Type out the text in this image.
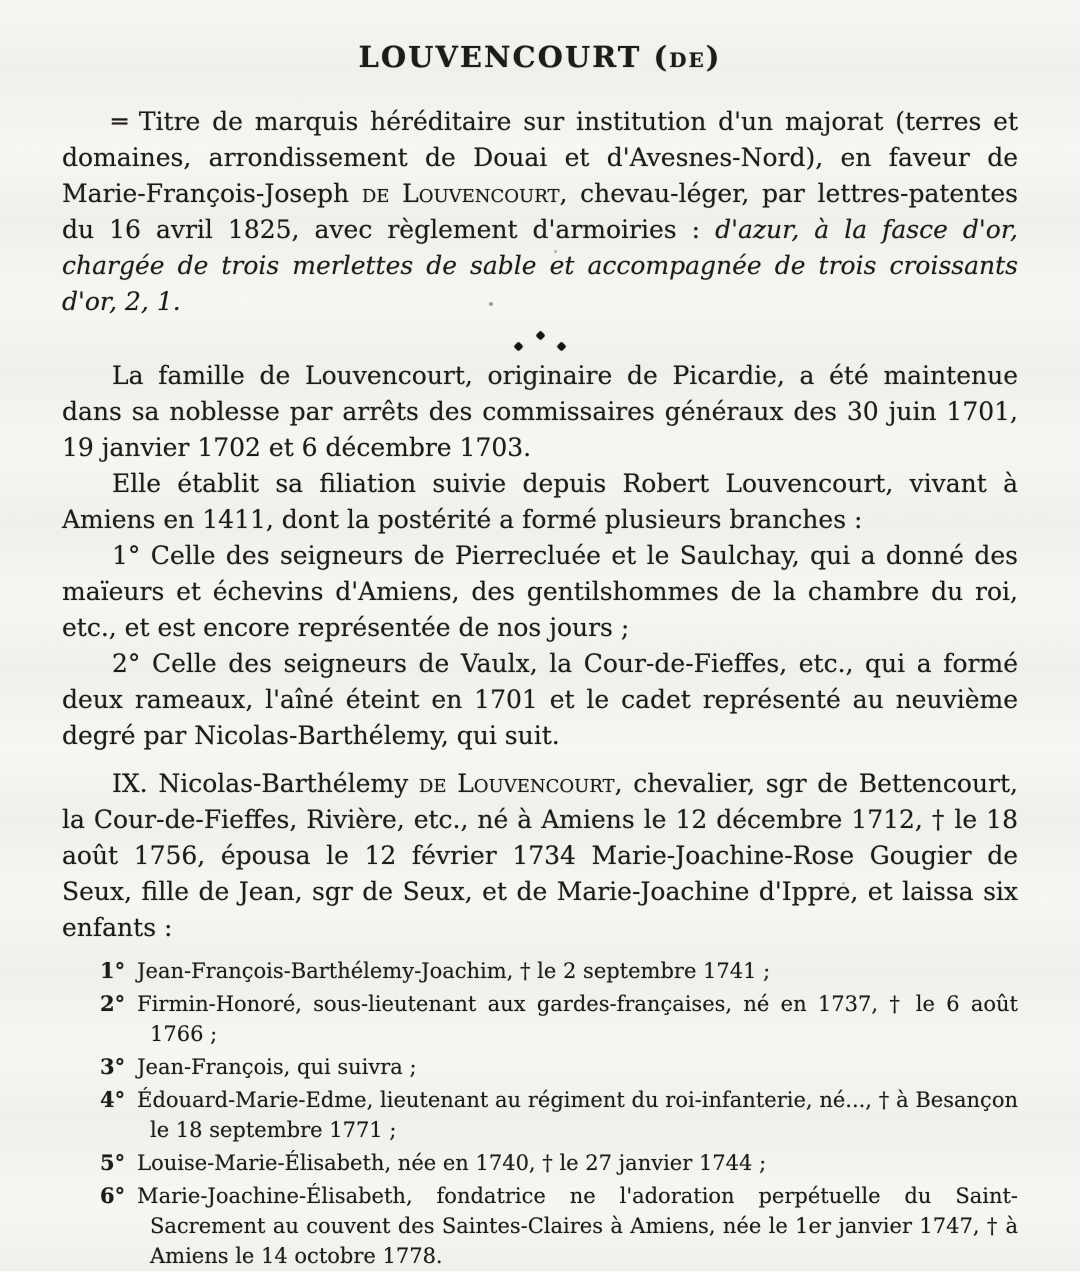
LOUVENCOURT (de)

═ Titre de marquis héréditaire sur institution d'un majorat (terres et domaines, arrondissement de Douai et d'Avesnes-Nord), en faveur de Marie-François-Joseph de Louvencourt, chevau-léger, par lettres-patentes du 16 avril 1825, avec règlement d'armoiries : d'azur, à la fasce d'or, chargée de trois merlettes de sable et accompagnée de trois croissants d'or, 2, 1.

La famille de Louvencourt, originaire de Picardie, a été maintenue dans sa noblesse par arrêts des commissaires généraux des 30 juin 1701, 19 janvier 1702 et 6 décembre 1703.

Elle établit sa filiation suivie depuis Robert Louvencourt, vivant à Amiens en 1411, dont la postérité a formé plusieurs branches :

1° Celle des seigneurs de Pierrecluée et le Saulchay, qui a donné des maïeurs et échevins d'Amiens, des gentilshommes de la chambre du roi, etc., et est encore représentée de nos jours ;

2° Celle des seigneurs de Vaulx, la Cour-de-Fieffes, etc., qui a formé deux rameaux, l'aîné éteint en 1701 et le cadet représenté au neuvième degré par Nicolas-Barthélemy, qui suit.

IX. Nicolas-Barthélemy de Louvencourt, chevalier, sgr de Bettencourt, la Cour-de-Fieffes, Rivière, etc., né à Amiens le 12 décembre 1712, † le 18 août 1756, épousa le 12 février 1734 Marie-Joachine-Rose Gougier de Seux, fille de Jean, sgr de Seux, et de Marie-Joachine d'Ippre, et laissa six enfants :

1° Jean-François-Barthélemy-Joachim, † le 2 septembre 1741 ;
2° Firmin-Honoré, sous-lieutenant aux gardes-françaises, né en 1737, † le 6 août 1766 ;
3° Jean-François, qui suivra ;
4° Édouard-Marie-Edme, lieutenant au régiment du roi-infanterie, né..., † à Besançon le 18 septembre 1771 ;
5° Louise-Marie-Élisabeth, née en 1740, † le 27 janvier 1744 ;
6° Marie-Joachine-Élisabeth, fondatrice ne l'adoration perpétuelle du Saint-Sacrement au couvent des Saintes-Claires à Amiens, née le 1er janvier 1747, † à Amiens le 14 octobre 1778.
